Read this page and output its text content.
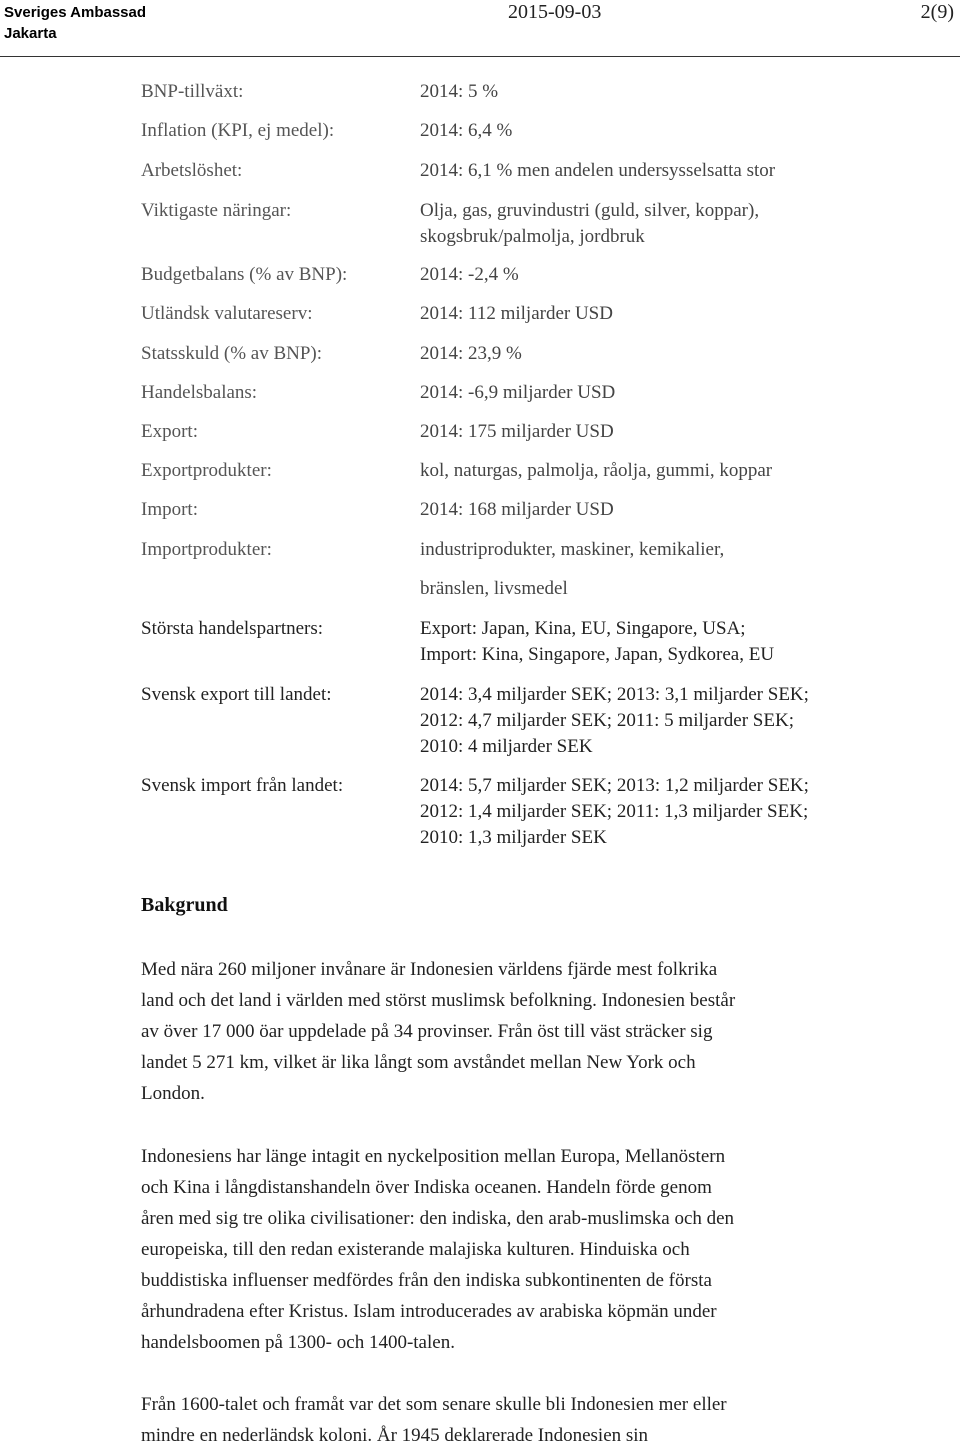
Sveriges Ambassad
Jakarta
2015-09-03	2(9)
BNP-tillväxt:	2014: 5 %
Inflation (KPI, ej medel):	2014: 6,4 %
Arbetslöshet:	2014: 6,1 % men andelen undersysselsatta stor
Viktigaste näringar:	Olja, gas, gruvindustri (guld, silver, koppar),
skogsbruk/palmolja, jordbruk
Budgetbalans (% av BNP):	2014: -2,4 %
Utländsk valutareserv:	2014: 112 miljarder USD
Statsskuld (% av BNP):	2014: 23,9 %
Handelsbalans:	2014: -6,9 miljarder USD
Export:	2014: 175 miljarder USD
Exportprodukter:	kol, naturgas, palmolja, råolja, gummi, koppar
Import:	2014: 168 miljarder USD
Importprodukter:	industriprodukter, maskiner, kemikalier,
bränslen, livsmedel
Största handelspartners:	Export: Japan, Kina, EU, Singapore, USA;
Import: Kina, Singapore, Japan, Sydkorea, EU
Svensk export till landet:	2014: 3,4 miljarder SEK; 2013: 3,1 miljarder SEK;
2012: 4,7 miljarder SEK; 2011: 5 miljarder SEK;
2010: 4 miljarder SEK
Svensk import från landet:	2014: 5,7 miljarder SEK; 2013: 1,2 miljarder SEK;
2012: 1,4 miljarder SEK; 2011: 1,3 miljarder SEK;
2010: 1,3 miljarder SEK
Bakgrund
Med nära 260 miljoner invånare är Indonesien världens fjärde mest folkrika
land och det land i världen med störst muslimsk befolkning. Indonesien består
av över 17 000 öar uppdelade på 34 provinser. Från öst till väst sträcker sig
landet 5 271 km, vilket är lika långt som avståndet mellan New York och
London.
Indonesiens har länge intagit en nyckelposition mellan Europa, Mellanöstern
och Kina i långdistanshandeln över Indiska oceanen. Handeln förde genom
åren med sig tre olika civilisationer: den indiska, den arab-muslimska och den
europeiska, till den redan existerande malajiska kulturen. Hinduiska och
buddistiska influenser medfördes från den indiska subkontinenten de första
århundradena efter Kristus. Islam introducerades av arabiska köpmän under
handelsboomen på 1300- och 1400-talen.
Från 1600-talet och framåt var det som senare skulle bli Indonesien mer eller
mindre en nederländsk koloni. År 1945 deklarerade Indonesien sin
